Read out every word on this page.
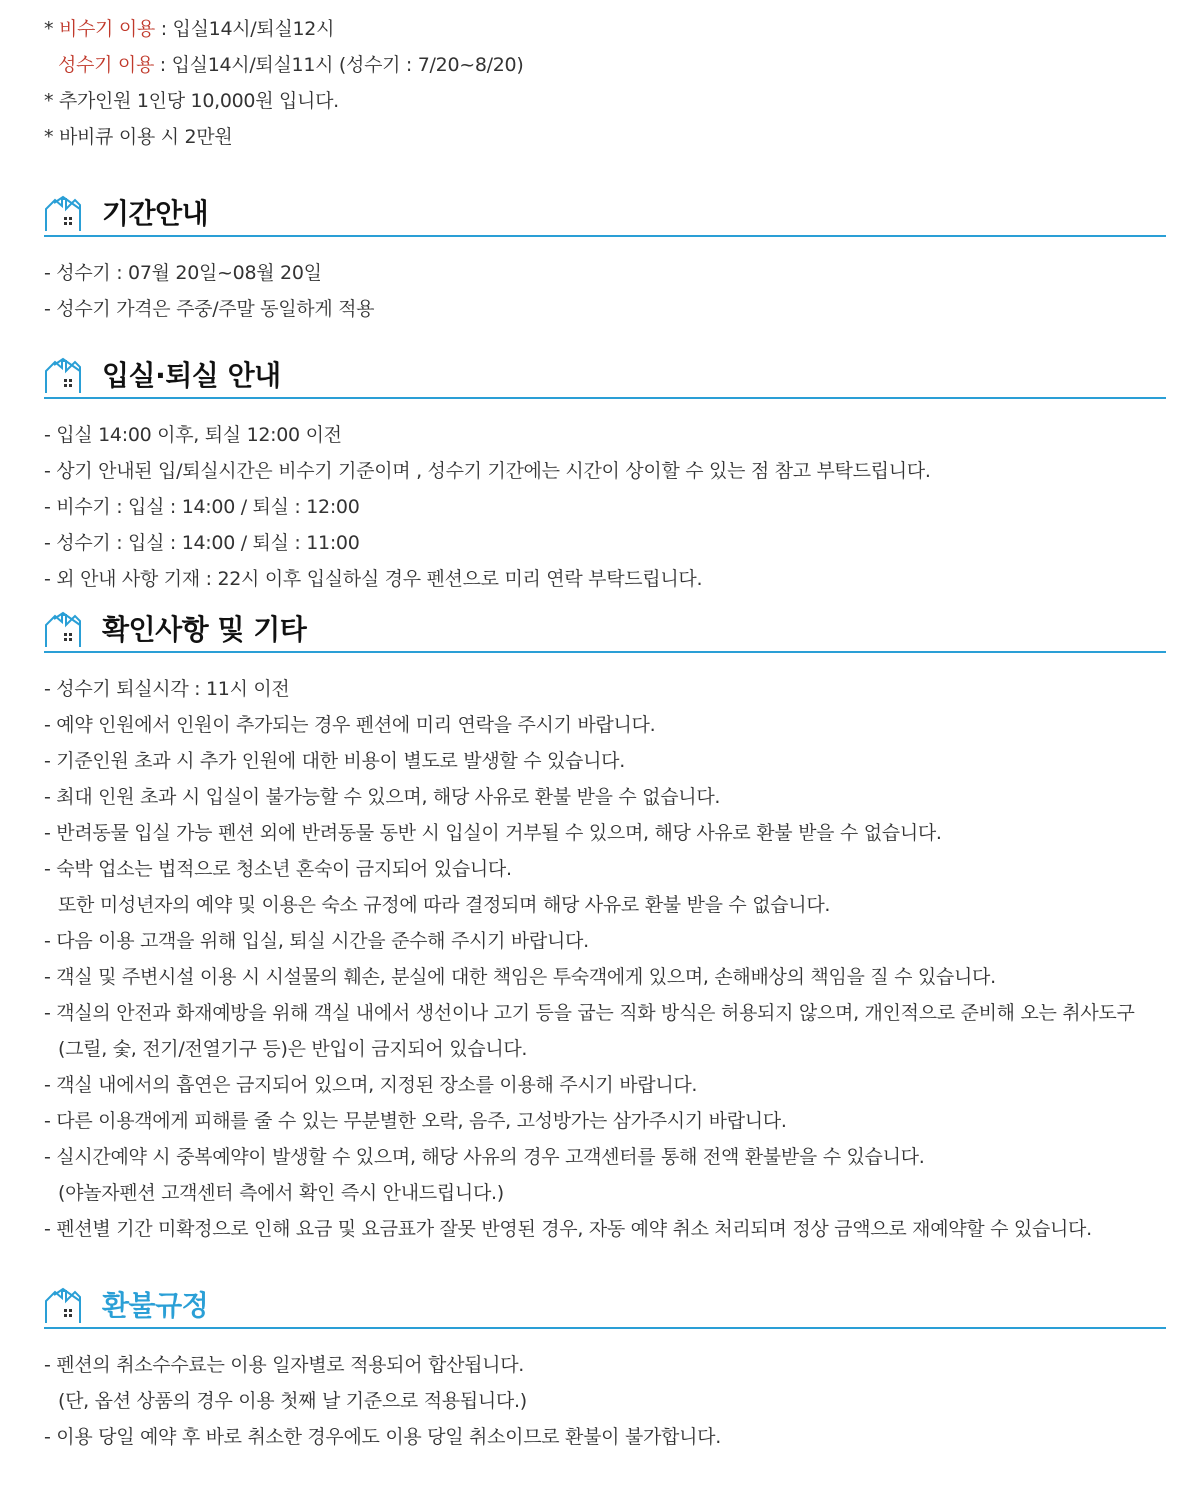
* 비수기 이용 : 입실14시/퇴실12시
성수기 이용 : 입실14시/퇴실11시 (성수기 : 7/20~8/20)
* 추가인원 1인당 10,000원 입니다.
* 바비큐 이용 시 2만원
기간안내
- 성수기 : 07월 20일~08월 20일
- 성수기 가격은 주중/주말 동일하게 적용
입실·퇴실 안내
- 입실 14:00 이후, 퇴실 12:00 이전
- 상기 안내된 입/퇴실시간은 비수기 기준이며 , 성수기 기간에는 시간이 상이할 수 있는 점 참고 부탁드립니다.
- 비수기 : 입실 : 14:00 / 퇴실 : 12:00
- 성수기 : 입실 : 14:00 / 퇴실 : 11:00
- 외 안내 사항 기재 : 22시 이후 입실하실 경우 펜션으로 미리 연락 부탁드립니다.
확인사항 및 기타
- 성수기 퇴실시각 : 11시 이전
- 예약 인원에서 인원이 추가되는 경우 펜션에 미리 연락을 주시기 바랍니다.
- 기준인원 초과 시 추가 인원에 대한 비용이 별도로 발생할 수 있습니다.
- 최대 인원 초과 시 입실이 불가능할 수 있으며, 해당 사유로 환불 받을 수 없습니다.
- 반려동물 입실 가능 펜션 외에 반려동물 동반 시 입실이 거부될 수 있으며, 해당 사유로 환불 받을 수 없습니다.
- 숙박 업소는 법적으로 청소년 혼숙이 금지되어 있습니다.
또한 미성년자의 예약 및 이용은 숙소 규정에 따라 결정되며 해당 사유로 환불 받을 수 없습니다.
- 다음 이용 고객을 위해 입실, 퇴실 시간을 준수해 주시기 바랍니다.
- 객실 및 주변시설 이용 시 시설물의 훼손, 분실에 대한 책임은 투숙객에게 있으며, 손해배상의 책임을 질 수 있습니다.
- 객실의 안전과 화재예방을 위해 객실 내에서 생선이나 고기 등을 굽는 직화 방식은 허용되지 않으며, 개인적으로 준비해 오는 취사도구
(그릴, 숯, 전기/전열기구 등)은 반입이 금지되어 있습니다.
- 객실 내에서의 흡연은 금지되어 있으며, 지정된 장소를 이용해 주시기 바랍니다.
- 다른 이용객에게 피해를 줄 수 있는 무분별한 오락, 음주, 고성방가는 삼가주시기 바랍니다.
- 실시간예약 시 중복예약이 발생할 수 있으며, 해당 사유의 경우 고객센터를 통해 전액 환불받을 수 있습니다.
(야놀자펜션 고객센터 측에서 확인 즉시 안내드립니다.)
- 펜션별 기간 미확정으로 인해 요금 및 요금표가 잘못 반영된 경우, 자동 예약 취소 처리되며 정상 금액으로 재예약할 수 있습니다.
환불규정
- 펜션의 취소수수료는 이용 일자별로 적용되어 합산됩니다.
(단, 옵션 상품의 경우 이용 첫째 날 기준으로 적용됩니다.)
- 이용 당일 예약 후 바로 취소한 경우에도 이용 당일 취소이므로 환불이 불가합니다.
